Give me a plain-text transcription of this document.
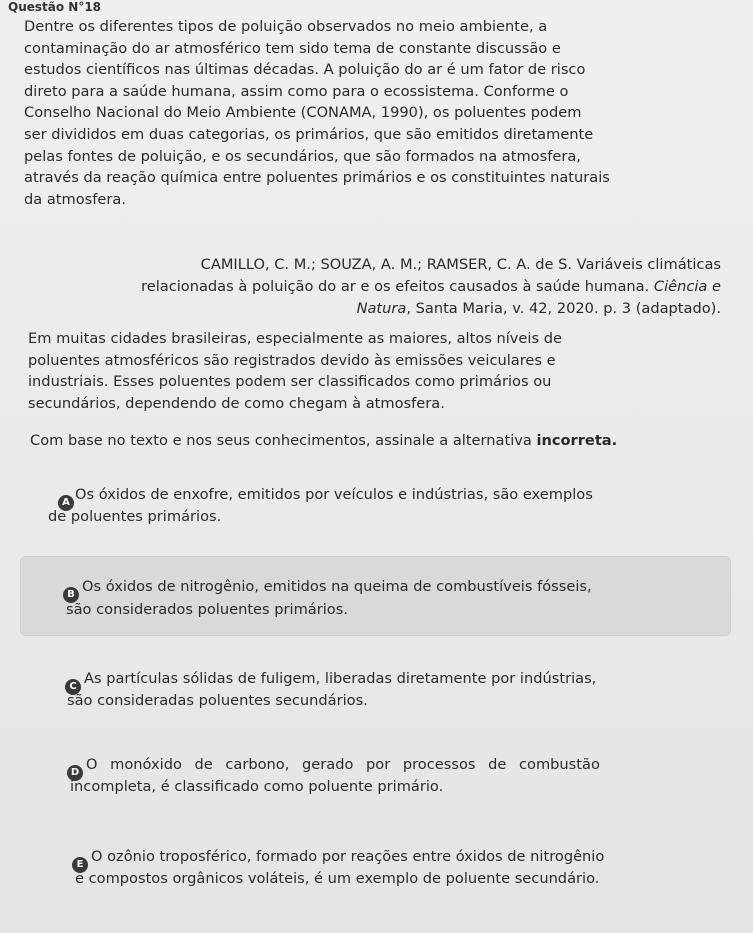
Questão N°18
Dentre os diferentes tipos de poluição observados no meio ambiente, a
contaminação do ar atmosférico tem sido tema de constante discussão e
estudos científicos nas últimas décadas. A poluição do ar é um fator de risco
direto para a saúde humana, assim como para o ecossistema. Conforme o
Conselho Nacional do Meio Ambiente (CONAMA, 1990), os poluentes podem
ser divididos em duas categorias, os primários, que são emitidos diretamente
pelas fontes de poluição, e os secundários, que são formados na atmosfera,
através da reação química entre poluentes primários e os constituintes naturais
da atmosfera.
CAMILLO, C. M.; SOUZA, A. M.; RAMSER, C. A. de S. Variáveis climáticas
relacionadas à poluição do ar e os efeitos causados à saúde humana. Ciência e
Natura, Santa Maria, v. 42, 2020. p. 3 (adaptado).
Em muitas cidades brasileiras, especialmente as maiores, altos níveis de
poluentes atmosféricos são registrados devido às emissões veiculares e
industriais. Esses poluentes podem ser classificados como primários ou
secundários, dependendo de como chegam à atmosfera.
Com base no texto e nos seus conhecimentos, assinale a alternativa incorreta.
A Os óxidos de enxofre, emitidos por veículos e indústrias, são exemplos
de poluentes primários.
B Os óxidos de nitrogênio, emitidos na queima de combustíveis fósseis,
são considerados poluentes primários.
C As partículas sólidas de fuligem, liberadas diretamente por indústrias,
são consideradas poluentes secundários.
D O monóxido de carbono, gerado por processos de combustão
incompleta, é classificado como poluente primário.
E O ozônio troposférico, formado por reações entre óxidos de nitrogênio
e compostos orgânicos voláteis, é um exemplo de poluente secundário.
